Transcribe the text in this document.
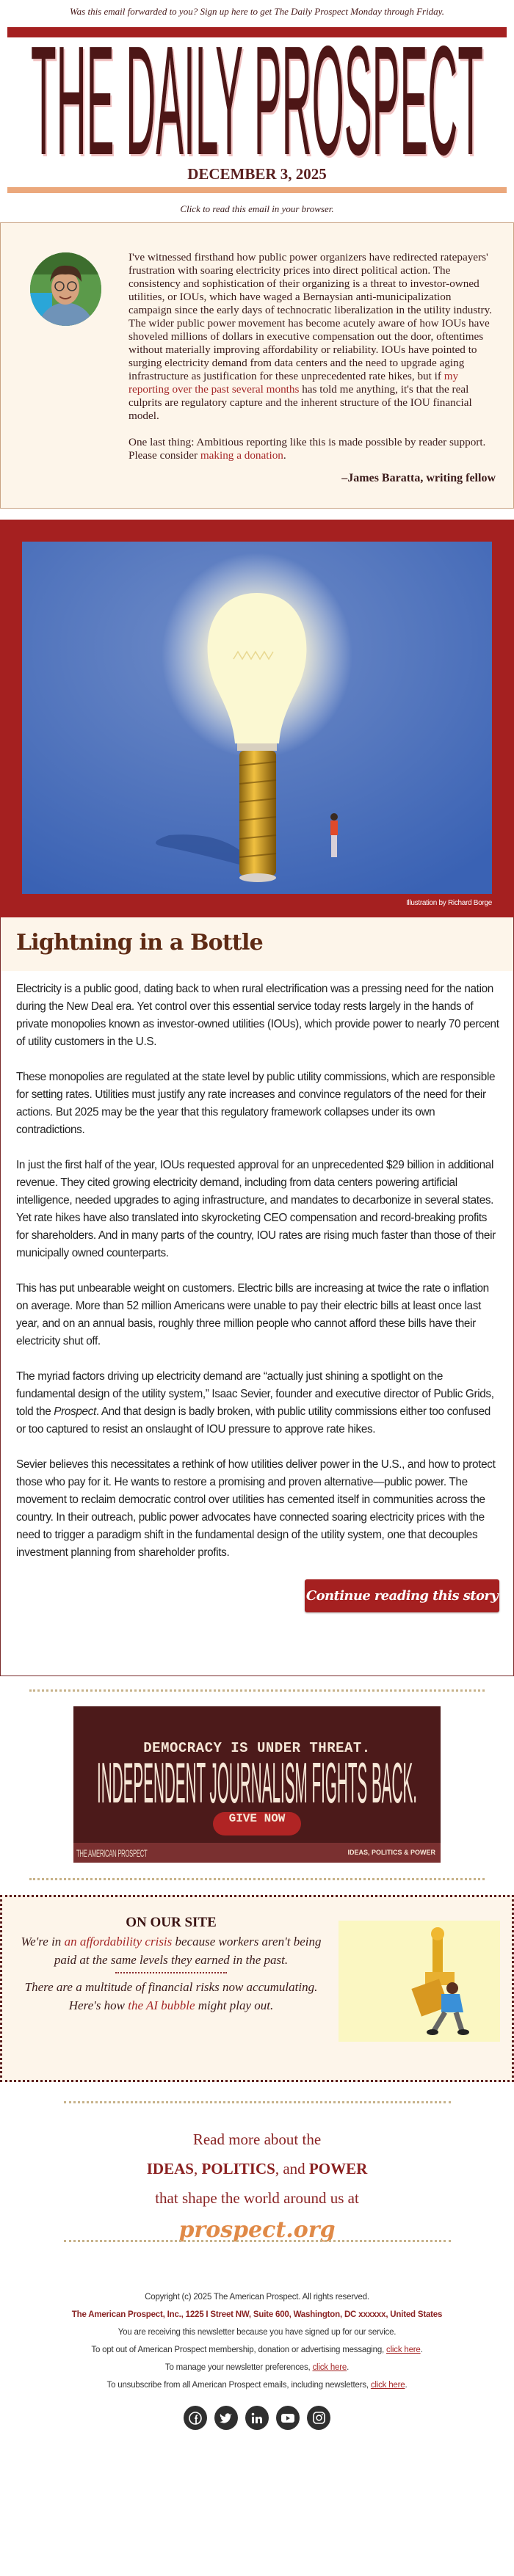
Was this email forwarded to you? Sign up here to get The Daily Prospect Monday through Friday.
THE DAILY PROSPECT
DECEMBER 3, 2025
Click to read this email in your browser.

I've witnessed firsthand how public power organizers have redirected ratepayers' frustration with soaring electricity prices into direct political action. The consistency and sophistication of their organizing is a threat to investor-owned utilities, or IOUs, which have waged a Bernaysian anti-municipalization campaign since the early days of technocratic liberalization in the utility industry. The wider public power movement has become acutely aware of how IOUs have shoveled millions of dollars in executive compensation out the door, oftentimes without materially improving affordability or reliability. IOUs have pointed to surging electricity demand from data centers and the need to upgrade aging infrastructure as justification for these unprecedented rate hikes, but if my reporting over the past several months has told me anything, it's that the real culprits are regulatory capture and the inherent structure of the IOU financial model.

One last thing: Ambitious reporting like this is made possible by reader support. Please consider making a donation.

–James Baratta, writing fellow
Illustration by Richard Borge
Lightning in a Bottle

Electricity is a public good, dating back to when rural electrification was a pressing need for the nation during the New Deal era. Yet control over this essential service today rests largely in the hands of private monopolies known as investor-owned utilities (IOUs), which provide power to nearly 70 percent of utility customers in the U.S.

These monopolies are regulated at the state level by public utility commissions, which are responsible for setting rates. Utilities must justify any rate increases and convince regulators of the need for their actions. But 2025 may be the year that this regulatory framework collapses under its own contradictions.

In just the first half of the year, IOUs requested approval for an unprecedented $29 billion in additional revenue. They cited growing electricity demand, including from data centers powering artificial intelligence, needed upgrades to aging infrastructure, and mandates to decarbonize in several states. Yet rate hikes have also translated into skyrocketing CEO compensation and record-breaking profits for shareholders. And in many parts of the country, IOU rates are rising much faster than those of their municipally owned counterparts.

This has put unbearable weight on customers. Electric bills are increasing at twice the rate o inflation on average. More than 52 million Americans were unable to pay their electric bills at least once last year, and on an annual basis, roughly three million people who cannot afford these bills have their electricity shut off.

The myriad factors driving up electricity demand are “actually just shining a spotlight on the fundamental design of the utility system,” Isaac Sevier, founder and executive director of Public Grids, told the Prospect. And that design is badly broken, with public utility commissions either too confused or too captured to resist an onslaught of IOU pressure to approve rate hikes.

Sevier believes this necessitates a rethink of how utilities deliver power in the U.S., and how to protect those who pay for it. He wants to restore a promising and proven alternative—public power. The movement to reclaim democratic control over utilities has cemented itself in communities across the country. In their outreach, public power advocates have connected soaring electricity prices with the need to trigger a paradigm shift in the fundamental design of the utility system, one that decouples investment planning from shareholder profits.

Continue reading this story
DEMOCRACY IS UNDER THREAT.
INDEPENDENT JOURNALISM FIGHTS BACK.
GIVE NOW
THE AMERICAN PROSPECT	IDEAS, POLITICS & POWER
ON OUR SITE
We're in an affordability crisis because workers aren't being paid at the same levels they earned in the past.
There are a multitude of financial risks now accumulating. Here's how the AI bubble might play out.
Read more about the
IDEAS, POLITICS, and POWER
that shape the world around us at
prospect.org
Copyright (c) 2025 The American Prospect. All rights reserved.
The American Prospect, Inc., 1225 I Street NW, Suite 600, Washington, DC xxxxxx, United States
You are receiving this newsletter because you have signed up for our service.
To opt out of American Prospect membership, donation or advertising messaging, click here.
To manage your newsletter preferences, click here.
To unsubscribe from all American Prospect emails, including newsletters, click here.
